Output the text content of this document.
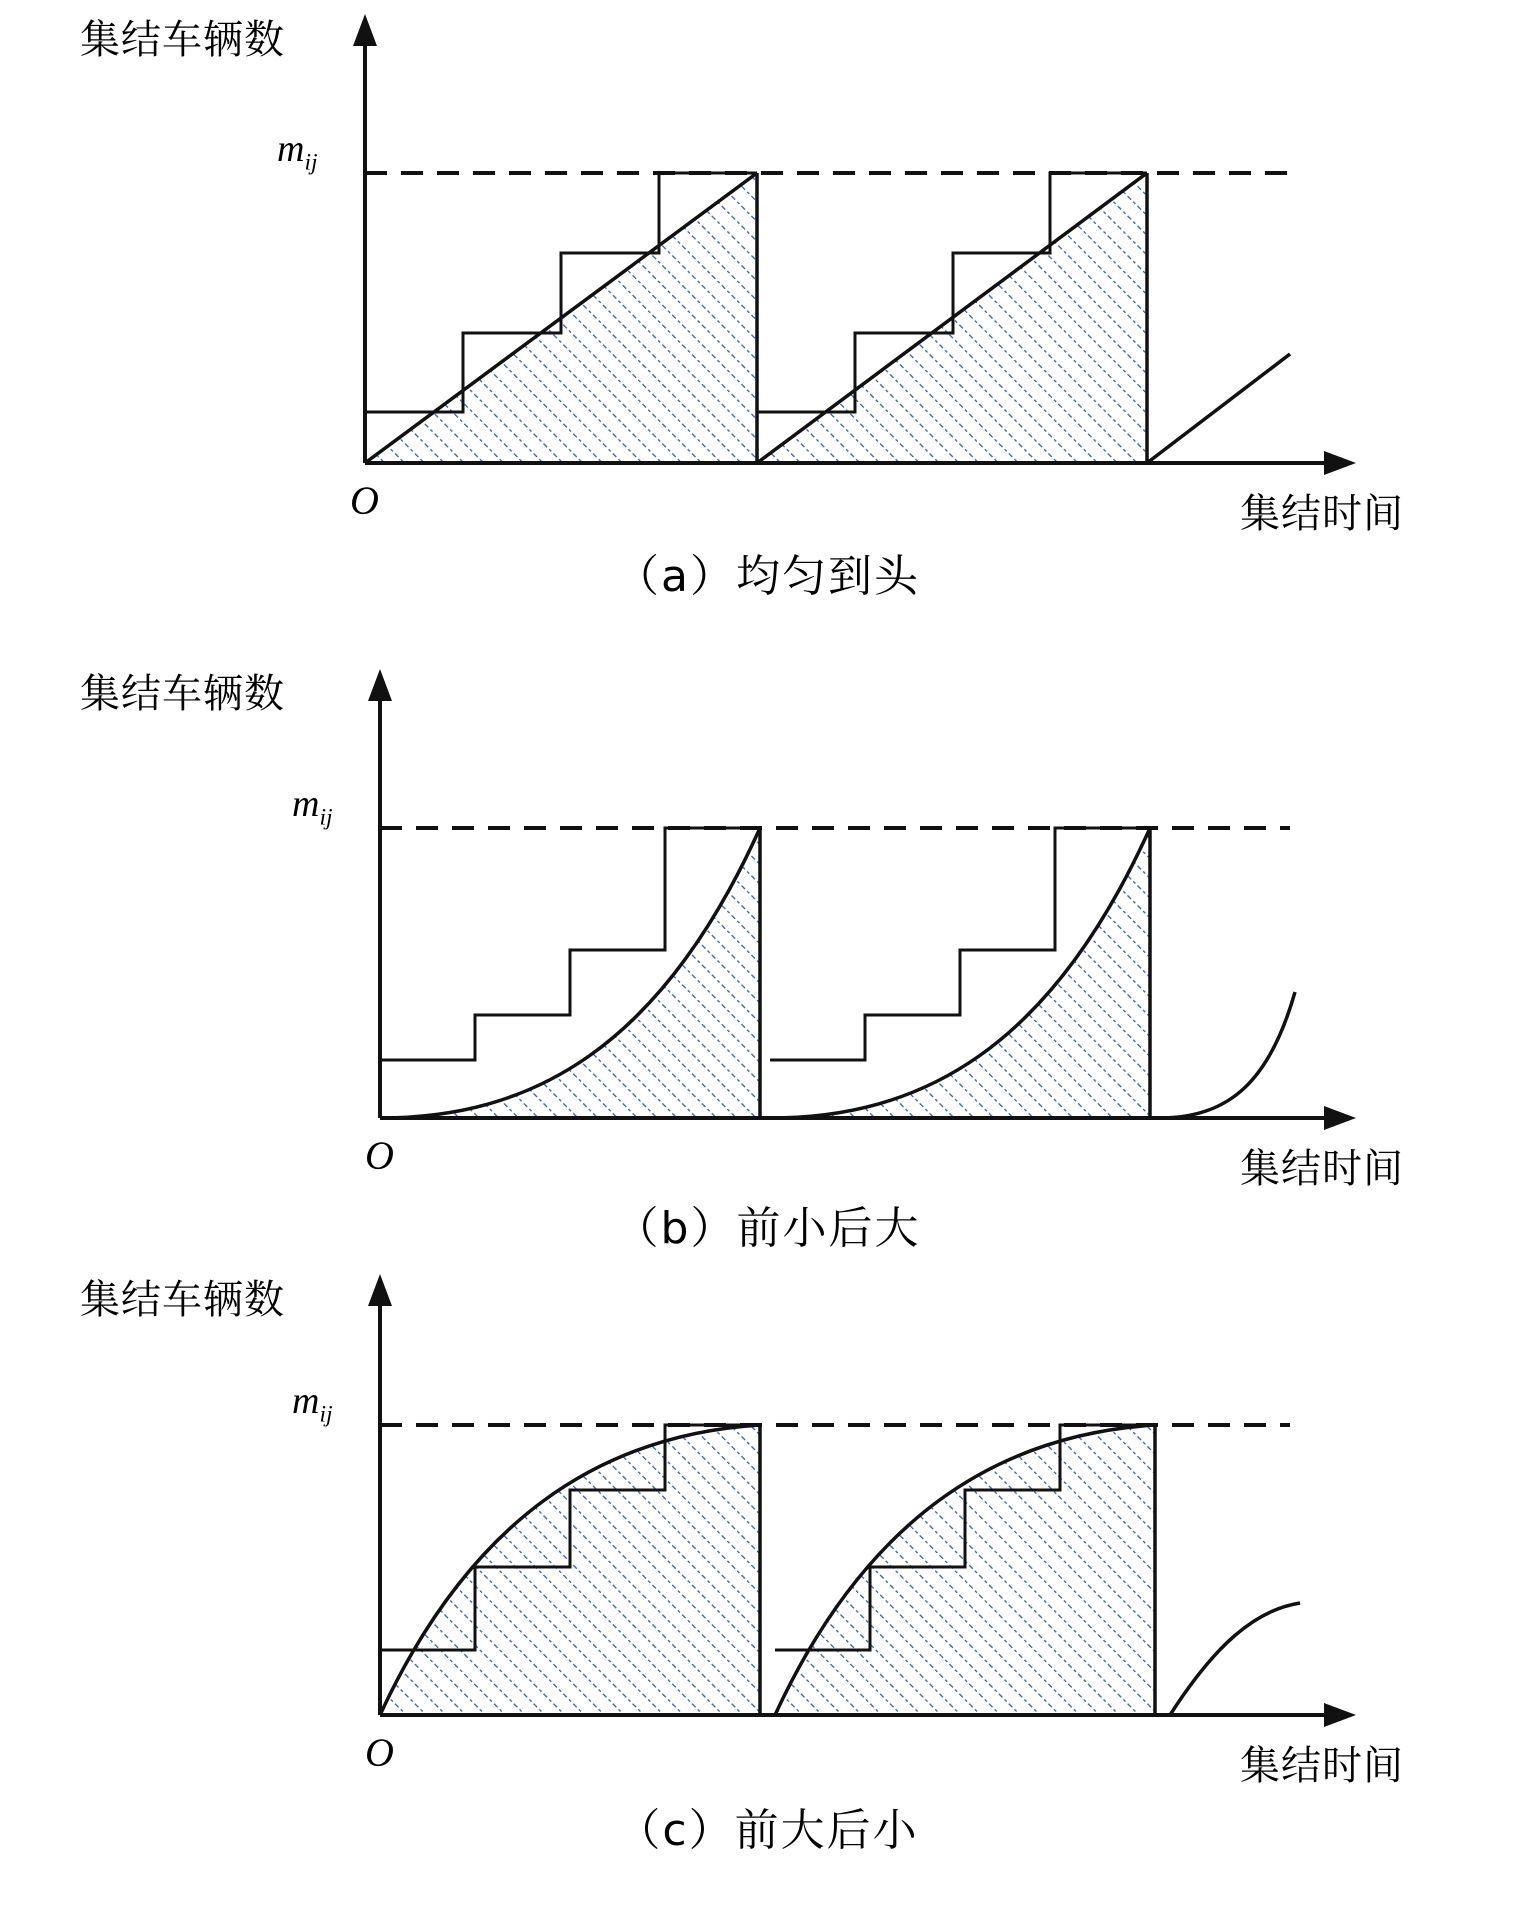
集结车辆数
集结时间
O
$m_{ij}$
（a）均匀到头
集结车辆数
集结时间
O
$m_{ij}$
（b）前小后大
集结车辆数
集结时间
O
$m_{ij}$
（c）前大后小
